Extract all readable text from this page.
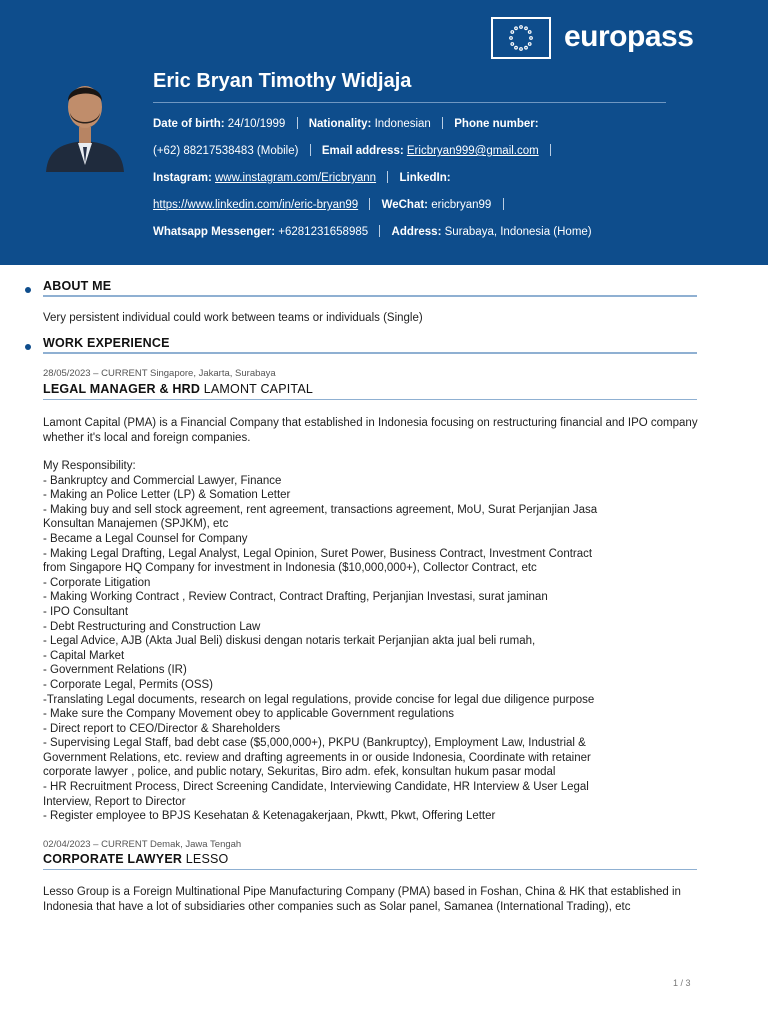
europass
Eric Bryan Timothy Widjaja
Date of birth: 24/10/1999 Nationality: Indonesian Phone number:
(+62) 88217538483 (Mobile) Email address: Ericbryan999@gmail.com
Instagram: www.instagram.com/Ericbryann LinkedIn:
https://www.linkedin.com/in/eric-bryan99 WeChat: ericbryan99
Whatsapp Messenger: +6281231658985 Address: Surabaya, Indonesia (Home)
ABOUT ME
Very persistent individual could work between teams or individuals (Single)
WORK EXPERIENCE
28/05/2023 – CURRENT Singapore, Jakarta, Surabaya
LEGAL MANAGER & HRD LAMONT CAPITAL
Lamont Capital (PMA) is a Financial Company that established in Indonesia focusing on restructuring financial and IPO company whether it's local and foreign companies.
My Responsibility:
- Bankruptcy and Commercial Lawyer, Finance
- Making an Police Letter (LP) & Somation Letter
- Making buy and sell stock agreement, rent agreement, transactions agreement, MoU, Surat Perjanjian Jasa
Konsultan Manajemen (SPJKM), etc
- Became a Legal Counsel for Company
- Making Legal Drafting, Legal Analyst, Legal Opinion, Suret Power, Business Contract, Investment Contract
from Singapore HQ Company for investment in Indonesia ($10,000,000+), Collector Contract, etc
- Corporate Litigation
- Making Working Contract , Review Contract, Contract Drafting, Perjanjian Investasi, surat jaminan
- IPO Consultant
- Debt Restructuring and Construction Law
- Legal Advice, AJB (Akta Jual Beli) diskusi dengan notaris terkait Perjanjian akta jual beli rumah,
- Capital Market
- Government Relations (IR)
- Corporate Legal, Permits (OSS)
-Translating Legal documents, research on legal regulations, provide concise for legal due diligence purpose
- Make sure the Company Movement obey to applicable Government regulations
- Direct report to CEO/Director & Shareholders
- Supervising Legal Staff, bad debt case ($5,000,000+), PKPU (Bankruptcy), Employment Law, Industrial &
Government Relations, etc. review and drafting agreements in or ouside Indonesia, Coordinate with retainer
corporate lawyer , police, and public notary, Sekuritas, Biro adm. efek, konsultan hukum pasar modal
- HR Recruitment Process, Direct Screening Candidate, Interviewing Candidate, HR Interview & User Legal
Interview, Report to Director
- Register employee to BPJS Kesehatan & Ketenagakerjaan, Pkwtt, Pkwt, Offering Letter
02/04/2023 – CURRENT Demak, Jawa Tengah
CORPORATE LAWYER LESSO
Lesso Group is a Foreign Multinational Pipe Manufacturing Company (PMA) based in Foshan, China & HK that established in Indonesia that have a lot of subsidiaries other companies such as Solar panel, Samanea (International Trading), etc
1 / 3
